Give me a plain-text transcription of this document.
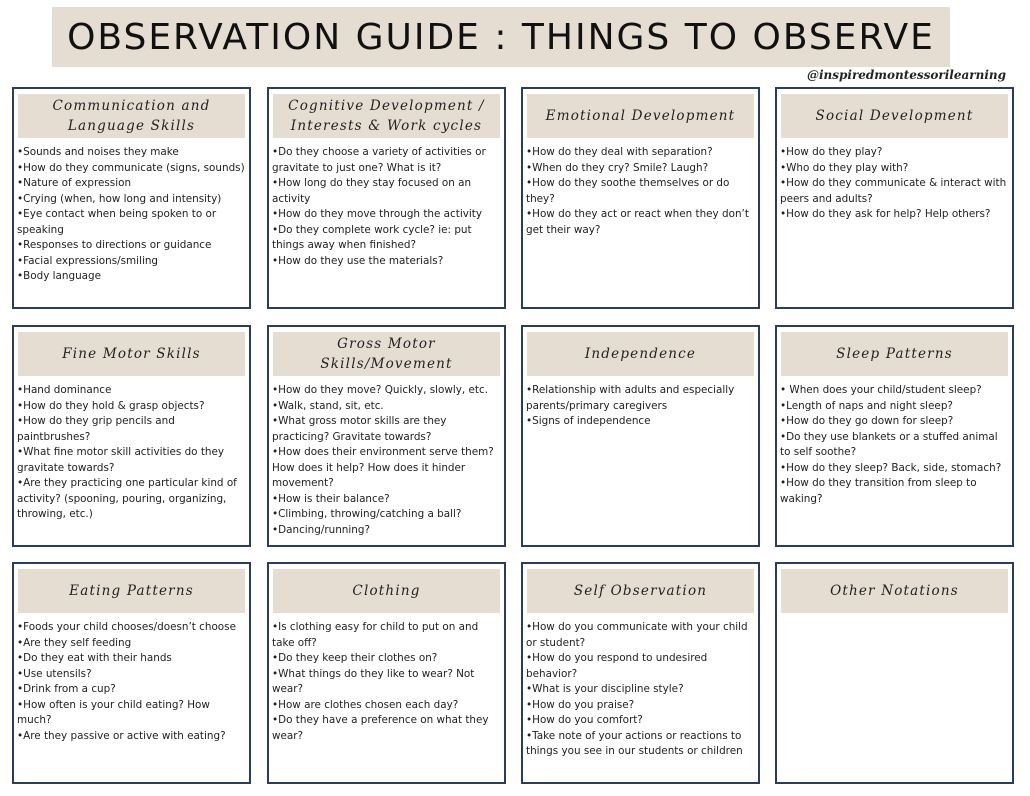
OBSERVATION GUIDE : THINGS TO OBSERVE
@inspiredmontessorilearning
Communication and
Language Skills
•Sounds and noises they make
•How do they communicate (signs, sounds)
•Nature of expression
•Crying (when, how long and intensity)
•Eye contact when being spoken to or speaking
•Responses to directions or guidance
•Facial expressions/smiling
•Body language
Cognitive Development /
Interests & Work cycles
•Do they choose a variety of activities or gravitate to just one? What is it?
•How long do they stay focused on an activity
•How do they move through the activity
•Do they complete work cycle? ie: put things away when finished?
•How do they use the materials?
Emotional Development
•How do they deal with separation?
•When do they cry? Smile? Laugh?
•How do they soothe themselves or do they?
•How do they act or react when they don’t get their way?
Social Development
•How do they play?
•Who do they play with?
•How do they communicate & interact with peers and adults?
•How do they ask for help? Help others?
Fine Motor Skills
•Hand dominance
•How do they hold & grasp objects?
•How do they grip pencils and paintbrushes?
•What fine motor skill activities do they gravitate towards?
•Are they practicing one particular kind of activity? (spooning, pouring, organizing, throwing, etc.)
Gross Motor
Skills/Movement
•How do they move? Quickly, slowly, etc.
•Walk, stand, sit, etc.
•What gross motor skills are they practicing? Gravitate towards?
•How does their environment serve them? How does it help? How does it hinder movement?
•How is their balance?
•Climbing, throwing/catching a ball?
•Dancing/running?
Independence
•Relationship with adults and especially parents/primary caregivers
•Signs of independence
Sleep Patterns
• When does your child/student sleep?
•Length of naps and night sleep?
•How do they go down for sleep?
•Do they use blankets or a stuffed animal to self soothe?
•How do they sleep? Back, side, stomach?
•How do they transition from sleep to waking?
Eating Patterns
•Foods your child chooses/doesn’t choose
•Are they self feeding
•Do they eat with their hands
•Use utensils?
•Drink from a cup?
•How often is your child eating? How much?
•Are they passive or active with eating?
Clothing
•Is clothing easy for child to put on and take off?
•Do they keep their clothes on?
•What things do they like to wear? Not wear?
•How are clothes chosen each day?
•Do they have a preference on what they wear?
Self Observation
•How do you communicate with your child or student?
•How do you respond to undesired behavior?
•What is your discipline style?
•How do you praise?
•How do you comfort?
•Take note of your actions or reactions to things you see in our students or children
Other Notations
